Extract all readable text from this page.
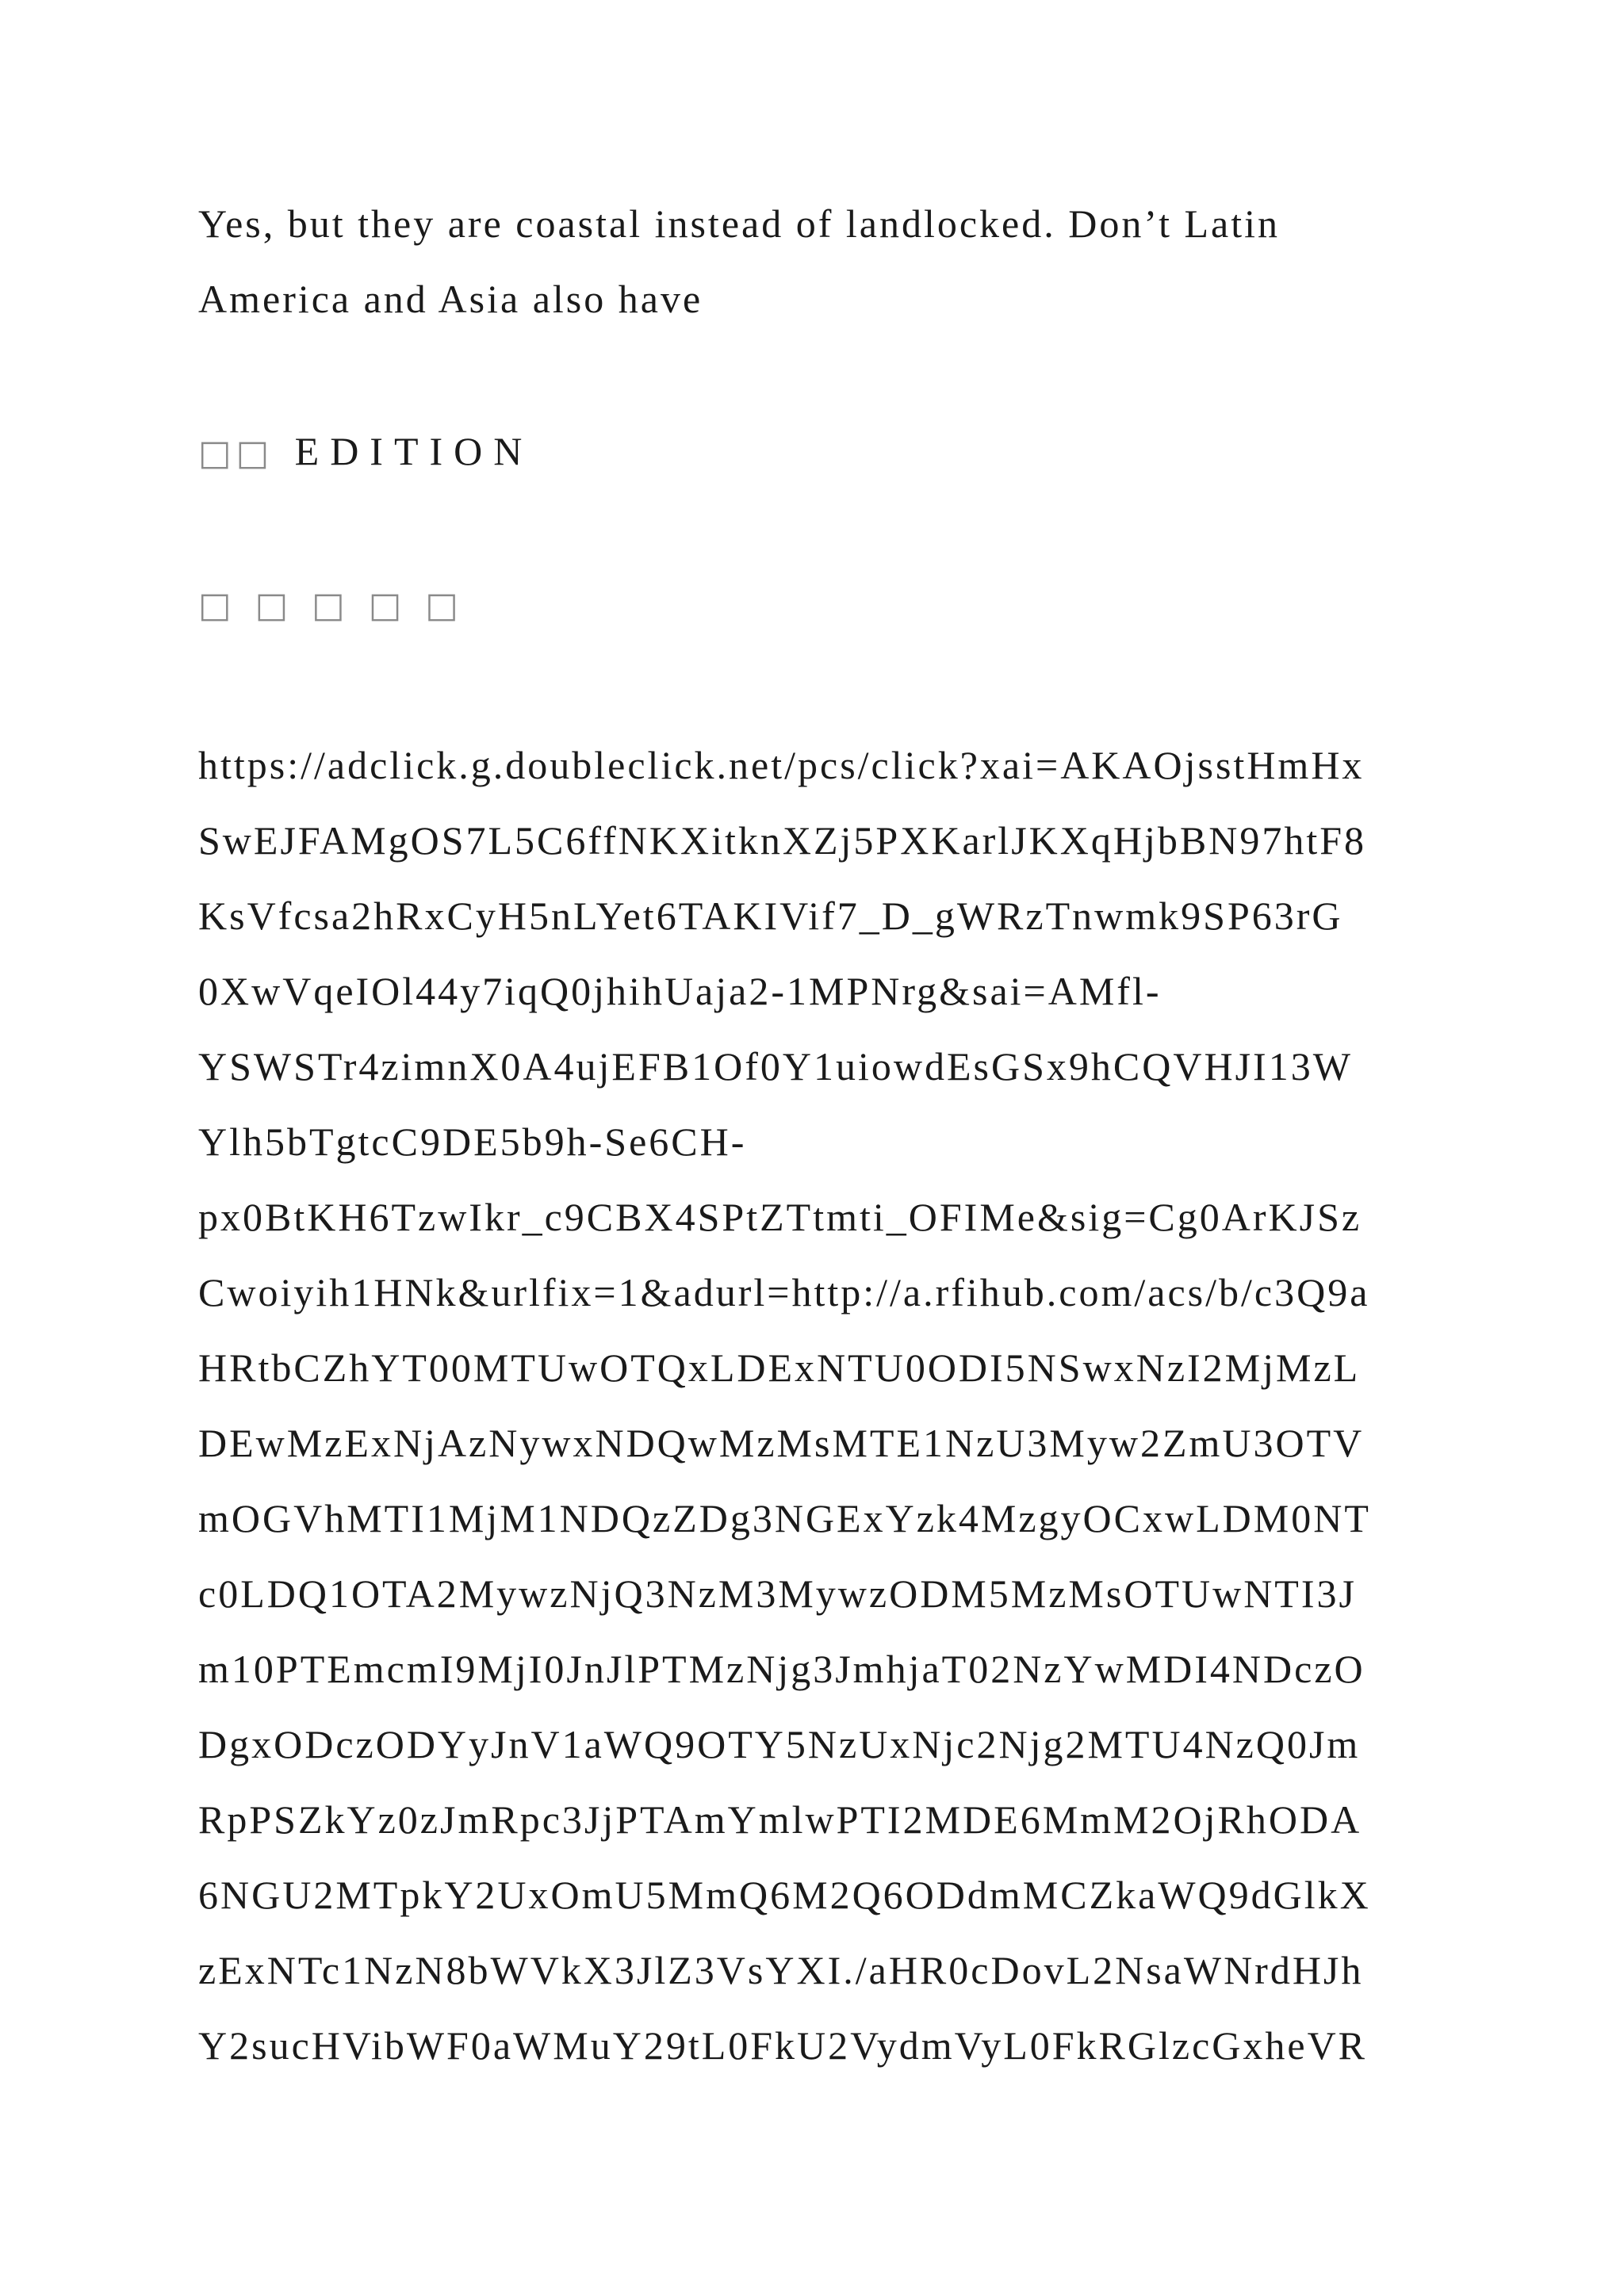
Yes, but they are coastal instead of landlocked. Don’t Latin
America and Asia also have
□□ EDITION
□□□□□
https://adclick.g.doubleclick.net/pcs/click?xai=AKAOjsstHmHx
SwEJFAMgOS7L5C6ffNKXitknXZj5PXKarlJKXqHjbBN97htF8
KsVfcsa2hRxCyH5nLYet6TAKIVif7_D_gWRzTnwmk9SP63rG
0XwVqeIOl44y7iqQ0jhihUaja2-1MPNrg&sai=AMfl-
YSWSTr4zimnX0A4ujEFB1Of0Y1uiowdEsGSx9hCQVHJI13W
Ylh5bTgtcC9DE5b9h-Se6CH-
px0BtKH6TzwIkr_c9CBX4SPtZTtmti_OFIMe&sig=Cg0ArKJSz
Cwoiyih1HNk&urlfix=1&adurl=http://a.rfihub.com/acs/b/c3Q9a
HRtbCZhYT00MTUwOTQxLDExNTU0ODI5NSwxNzI2MjMzL
DEwMzExNjAzNywxNDQwMzMsMTE1NzU3Myw2ZmU3OTV
mOGVhMTI1MjM1NDQzZDg3NGExYzk4MzgyOCxwLDM0NT
c0LDQ1OTA2MywzNjQ3NzM3MywzODM5MzMsOTUwNTI3J
m10PTEmcmI9MjI0JnJlPTMzNjg3JmhjaT02NzYwMDI4NDczO
DgxODczODYyJnV1aWQ9OTY5NzUxNjc2Njg2MTU4NzQ0Jm
RpPSZkYz0zJmRpc3JjPTAmYmlwPTI2MDE6MmM2OjRhODA
6NGU2MTpkY2UxOmU5MmQ6M2Q6ODdmMCZkaWQ9dGlkX
zExNTc1NzN8bWVkX3JlZ3VsYXI./aHR0cDovL2NsaWNrdHJh
Y2sucHVibWF0aWMuY29tL0FkU2VydmVyL0FkRGlzcGxheVR
